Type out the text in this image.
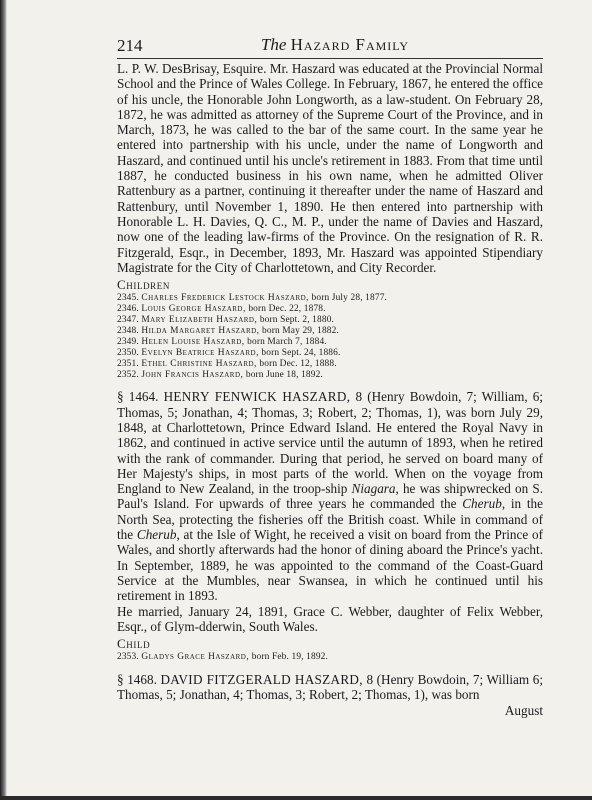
214	The Hazard Family

L. P. W. DesBrisay, Esquire. Mr. Haszard was educated at the Provincial Normal School and the Prince of Wales College. In February, 1867, he entered the office of his uncle, the Honorable John Longworth, as a law-student. On February 28, 1872, he was admitted as attorney of the Supreme Court of the Province, and in March, 1873, he was called to the bar of the same court. In the same year he entered into partnership with his uncle, under the name of Longworth and Haszard, and continued until his uncle's retirement in 1883. From that time until 1887, he conducted business in his own name, when he admitted Oliver Rattenbury as a partner, continuing it thereafter under the name of Haszard and Rattenbury, until November 1, 1890. He then entered into partnership with Honorable L. H. Davies, Q. C., M. P., under the name of Davies and Haszard, now one of the leading law-firms of the Province. On the resignation of R. R. Fitzgerald, Esqr., in December, 1893, Mr. Haszard was appointed Stipendiary Magistrate for the City of Charlottetown, and City Recorder.

Children
2345. Charles Frederick Lestock Haszard, born July 28, 1877.
2346. Louis George Haszard, born Dec. 22, 1878.
2347. Mary Elizabeth Haszard, born Sept. 2, 1880.
2348. Hilda Margaret Haszard, born May 29, 1882.
2349. Helen Louise Haszard, born March 7, 1884.
2350. Evelyn Beatrice Haszard, born Sept. 24, 1886.
2351. Ethel Christine Haszard, born Dec. 12, 1888.
2352. John Francis Haszard, born June 18, 1892.

§ 1464. HENRY FENWICK HASZARD, 8 (Henry Bowdoin, 7; William, 6; Thomas, 5; Jonathan, 4; Thomas, 3; Robert, 2; Thomas, 1), was born July 29, 1848, at Charlottetown, Prince Edward Island. He entered the Royal Navy in 1862, and continued in active service until the autumn of 1893, when he retired with the rank of commander. During that period, he served on board many of Her Majesty's ships, in most parts of the world. When on the voyage from England to New Zealand, in the troop-ship Niagara, he was shipwrecked on S. Paul's Island. For upwards of three years he commanded the Cherub, in the North Sea, protecting the fisheries off the British coast. While in command of the Cherub, at the Isle of Wight, he received a visit on board from the Prince of Wales, and shortly afterwards had the honor of dining aboard the Prince's yacht. In September, 1889, he was appointed to the command of the Coast-Guard Service at the Mumbles, near Swansea, in which he continued until his retirement in 1893.

He married, January 24, 1891, Grace C. Webber, daughter of Felix Webber, Esqr., of Glym-dderwin, South Wales.

Child
2353. Gladys Grace Haszard, born Feb. 19, 1892.

§ 1468. DAVID FITZGERALD HASZARD, 8 (Henry Bowdoin, 7; William 6; Thomas, 5; Jonathan, 4; Thomas, 3; Robert, 2; Thomas, 1), was born

August
